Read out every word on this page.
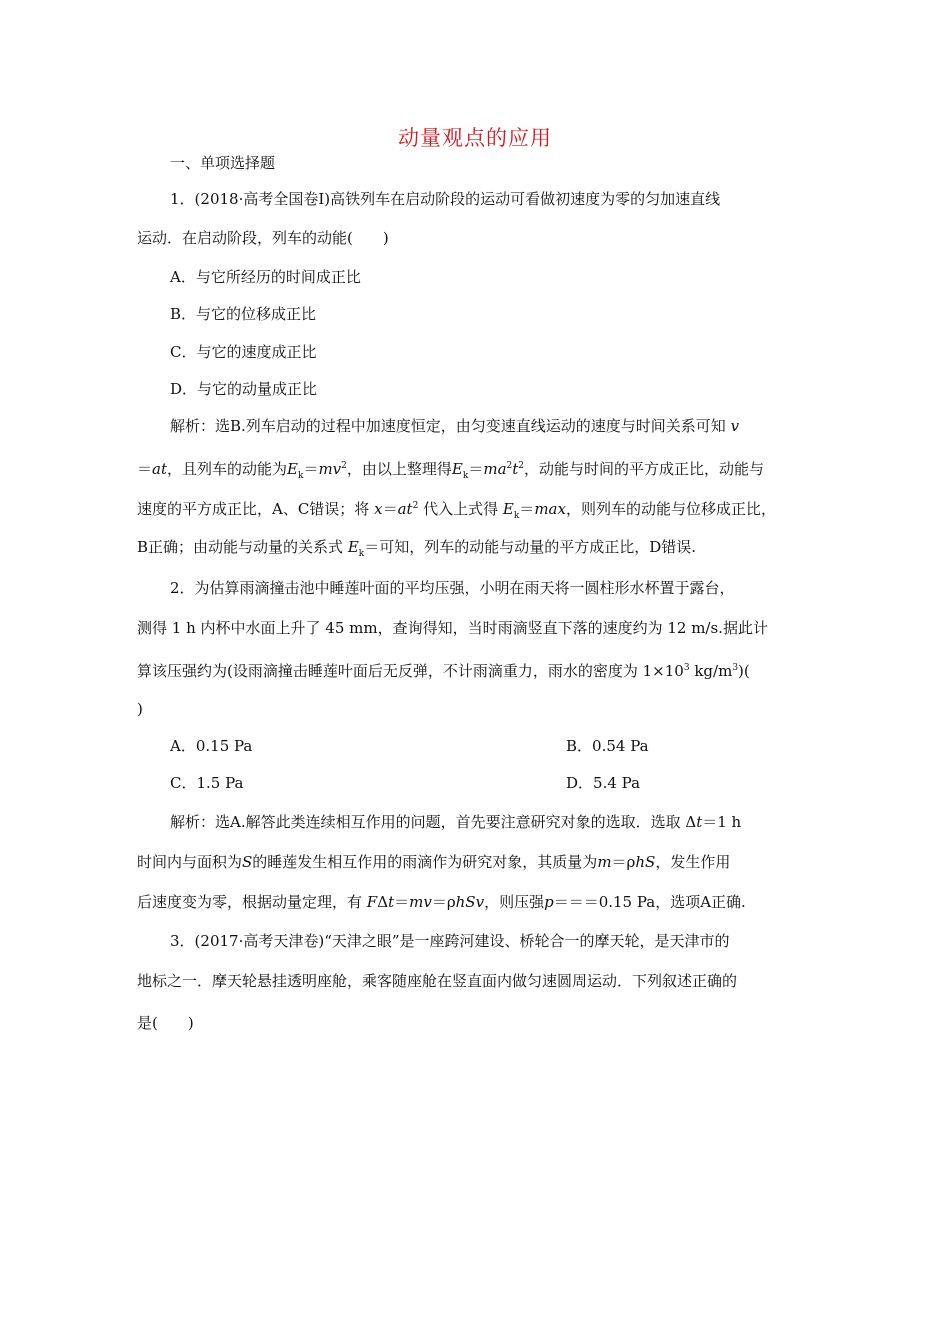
动量观点的应用
一、单项选择题
1．(2018·高考全国卷Ⅰ)高铁列车在启动阶段的运动可看做初速度为零的匀加速直线
运动．在启动阶段，列车的动能(　　)
A．与它所经历的时间成正比
B．与它的位移成正比
C．与它的速度成正比
D．与它的动量成正比
解析：选B.列车启动的过程中加速度恒定，由匀变速直线运动的速度与时间关系可知 v
＝at，且列车的动能为$E_k=mv^2$，由以上整理得$E_k=ma^2t^2$，动能与时间的平方成正比，动能与
速度的平方成正比，A、C错误；将 $x=at^2$ 代入上式得 $E_k=\max$，则列车的动能与位移成正比，
B正确；由动能与动量的关系式 $E_k=$可知，列车的动能与动量的平方成正比，D错误.
2．为估算雨滴撞击池中睡莲叶面的平均压强，小明在雨天将一圆柱形水杯置于露台，
测得 1 h 内杯中水面上升了 45 mm，查询得知，当时雨滴竖直下落的速度约为 12 m/s.据此计
算该压强约为(设雨滴撞击睡莲叶面后无反弹，不计雨滴重力，雨水的密度为 $1\times 10^3$ $kg/m^3$)(
)
A．0.15 Pa	B．0.54 Pa
C．1.5 Pa	D．5.4 Pa
解析：选A.解答此类连续相互作用的问题，首先要注意研究对象的选取．选取 Δt＝1 h
时间内与面积为S的睡莲发生相互作用的雨滴作为研究对象，其质量为m＝ρhS，发生作用
后速度变为零，根据动量定理，有 FΔt＝mv＝ρhSv，则压强p＝＝＝0.15 Pa，选项A正确.
3．(2017·高考天津卷)“天津之眼”是一座跨河建设、桥轮合一的摩天轮，是天津市的
地标之一．摩天轮悬挂透明座舱，乘客随座舱在竖直面内做匀速圆周运动．下列叙述正确的
是(　　)
